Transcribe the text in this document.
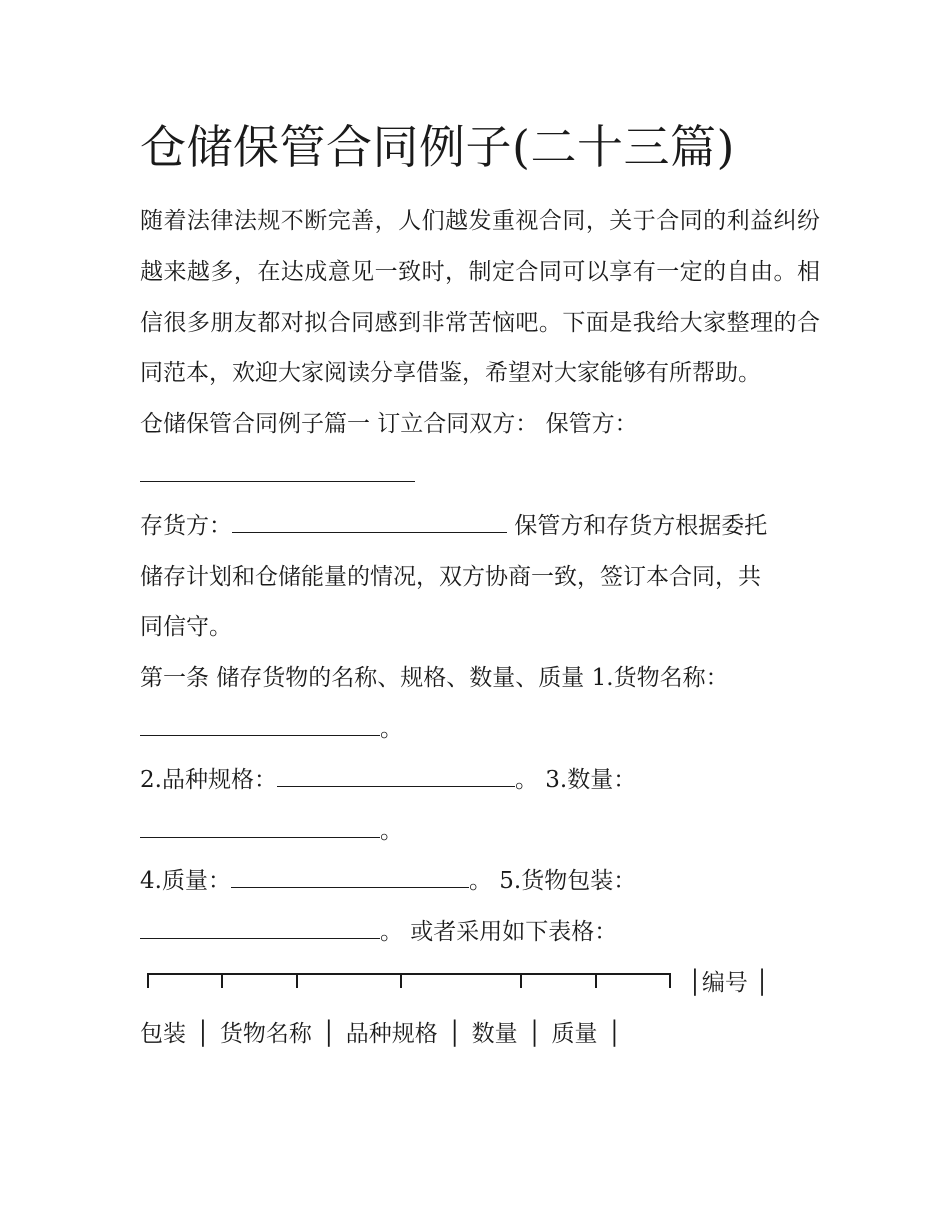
仓储保管合同例子(二十三篇)

随着法律法规不断完善，人们越发重视合同，关于合同的利益纠纷越来越多，在达成意见一致时，制定合同可以享有一定的自由。相信很多朋友都对拟合同感到非常苦恼吧。下面是我给大家整理的合同范本，欢迎大家阅读分享借鉴，希望对大家能够有所帮助。

仓储保管合同例子篇一 订立合同双方： 保管方：
存货方：	保管方和存货方根据委托
储存计划和仓储能量的情况，双方协商一致，签订本合同，共
同信守。
第一条 储存货物的名称、规格、数量、质量 1.货物名称：
。
2.品种规格：	。 3.数量：
。
4.质量：	。 5.货物包装：
。 或者采用如下表格：
│编号 │
包装 │ 货物名称 │ 品种规格 │ 数量 │ 质量 │
